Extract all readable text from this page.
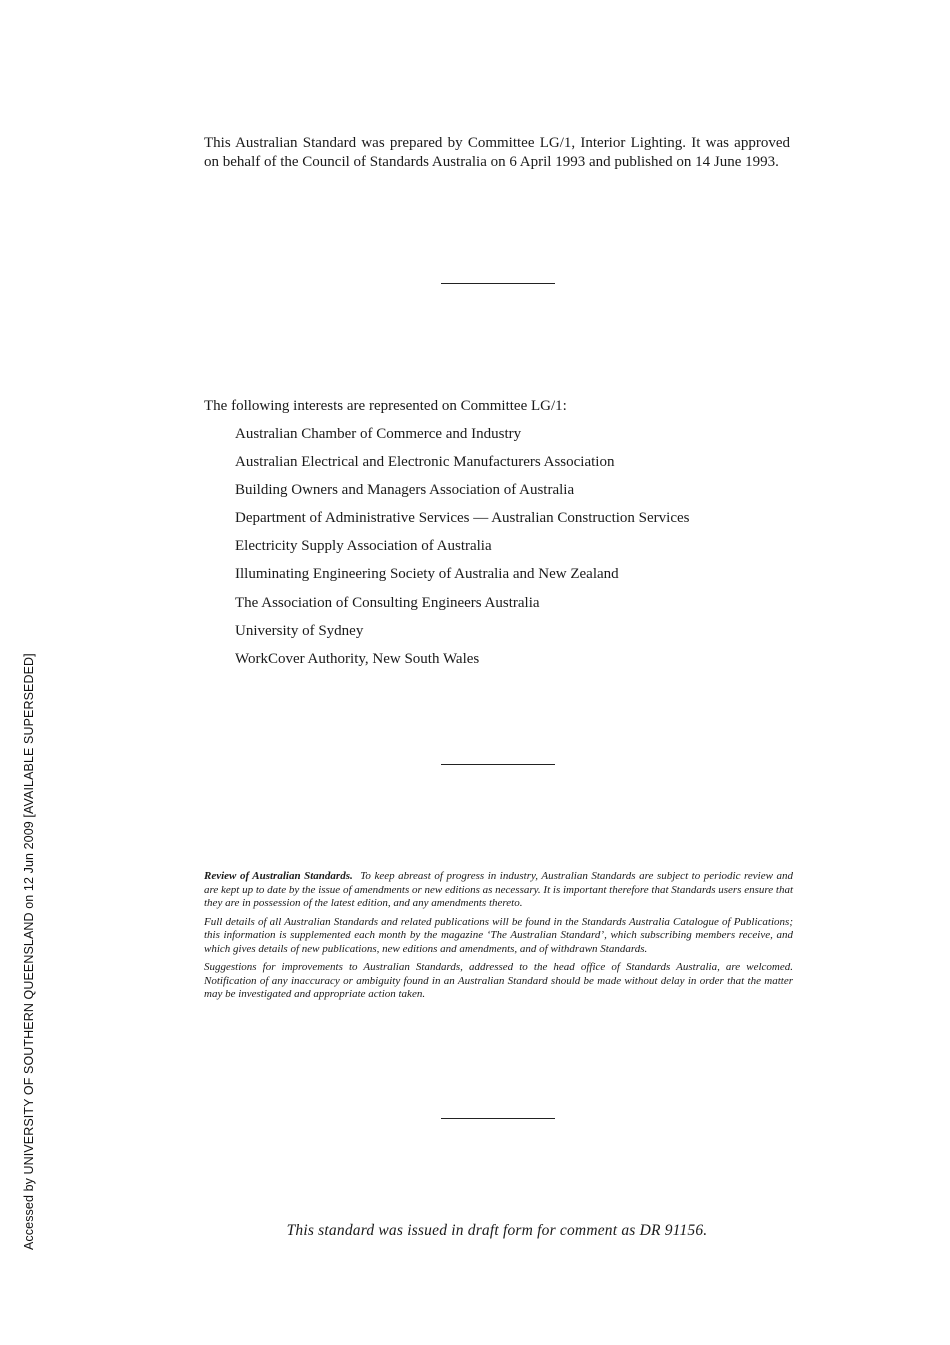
Accessed by UNIVERSITY OF SOUTHERN QUEENSLAND on 12 Jun 2009 [AVAILABLE SUPERSEDED]

This Australian Standard was prepared by Committee LG/1, Interior Lighting. It was approved on behalf of the Council of Standards Australia on 6 April 1993 and published on 14 June 1993.

The following interests are represented on Committee LG/1:

Australian Chamber of Commerce and Industry
Australian Electrical and Electronic Manufacturers Association
Building Owners and Managers Association of Australia
Department of Administrative Services — Australian Construction Services
Electricity Supply Association of Australia
Illuminating Engineering Society of Australia and New Zealand
The Association of Consulting Engineers Australia
University of Sydney
WorkCover Authority, New South Wales

Review of Australian Standards. To keep abreast of progress in industry, Australian Standards are subject to periodic review and are kept up to date by the issue of amendments or new editions as necessary. It is important therefore that Standards users ensure that they are in possession of the latest edition, and any amendments thereto.

Full details of all Australian Standards and related publications will be found in the Standards Australia Catalogue of Publications; this information is supplemented each month by the magazine ‘The Australian Standard’, which subscribing members receive, and which gives details of new publications, new editions and amendments, and of withdrawn Standards.

Suggestions for improvements to Australian Standards, addressed to the head office of Standards Australia, are welcomed. Notification of any inaccuracy or ambiguity found in an Australian Standard should be made without delay in order that the matter may be investigated and appropriate action taken.

This standard was issued in draft form for comment as DR 91156.
